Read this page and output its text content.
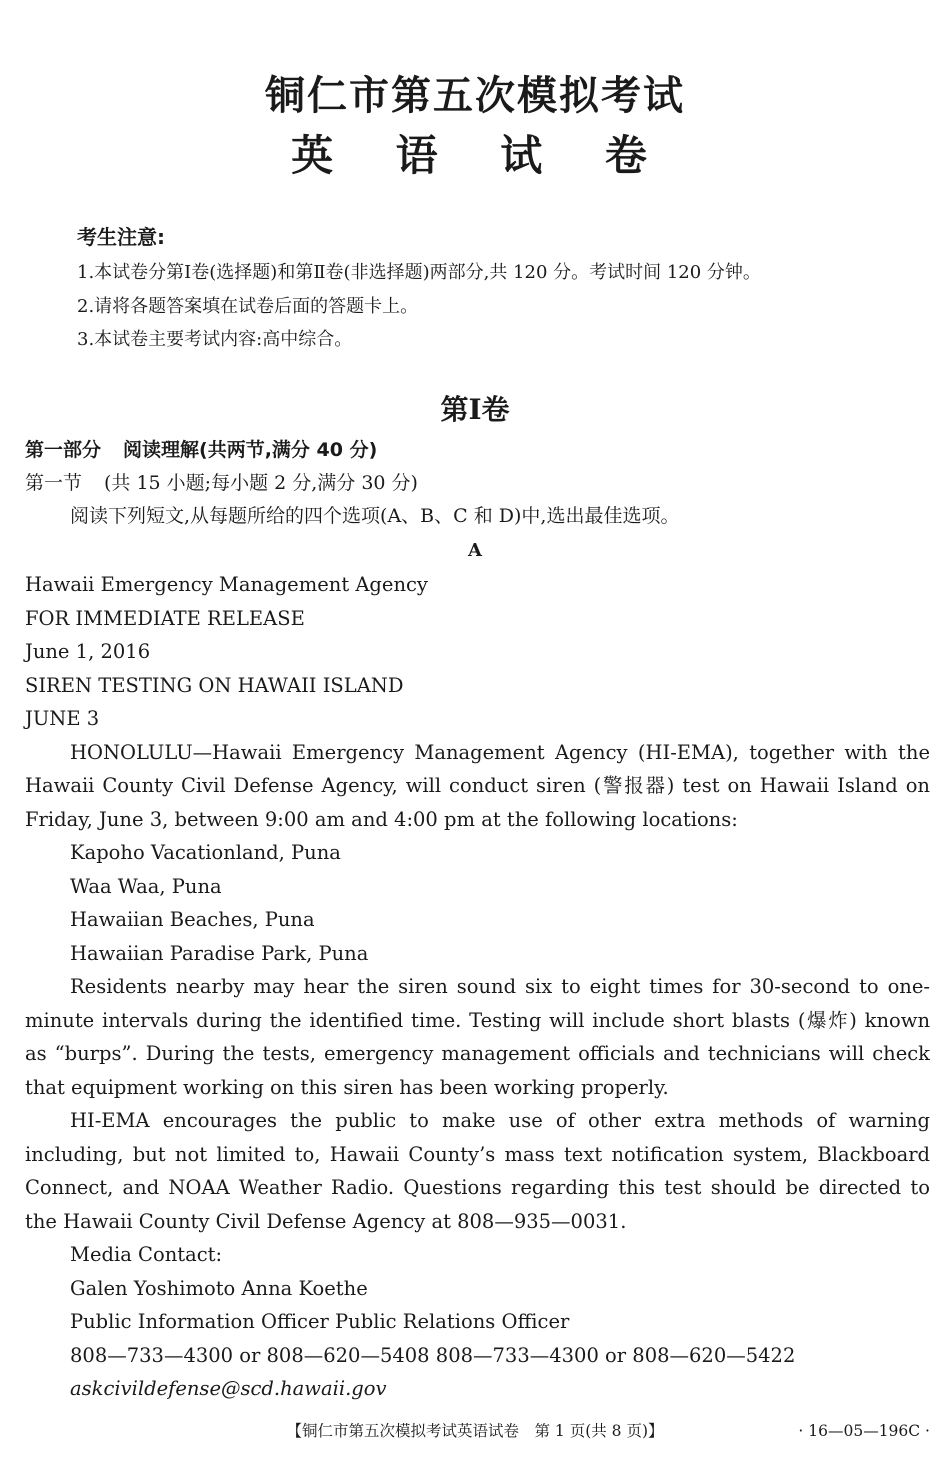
铜仁市第五次模拟考试
英 语 试 卷
考生注意:
1.本试卷分第Ⅰ卷(选择题)和第Ⅱ卷(非选择题)两部分,共 120 分。考试时间 120 分钟。
2.请将各题答案填在试卷后面的答题卡上。
3.本试卷主要考试内容:高中综合。
第Ⅰ卷
第一部分 阅读理解(共两节,满分 40 分)
第一节 (共 15 小题;每小题 2 分,满分 30 分)
阅读下列短文,从每题所给的四个选项(A、B、C 和 D)中,选出最佳选项。
A
Hawaii Emergency Management Agency
FOR IMMEDIATE RELEASE
June 1, 2016
SIREN TESTING ON HAWAII ISLAND
JUNE 3
HONOLULU—Hawaii Emergency Management Agency (HI-EMA), together with the Hawaii County Civil Defense Agency, will conduct siren (警报器) test on Hawaii Island on Friday, June 3, between 9:00 am and 4:00 pm at the following locations:
Kapoho Vacationland, Puna
Waa Waa, Puna
Hawaiian Beaches, Puna
Hawaiian Paradise Park, Puna
Residents nearby may hear the siren sound six to eight times for 30-second to one-minute intervals during the identified time. Testing will include short blasts (爆炸) known as “burps”. During the tests, emergency management officials and technicians will check that equipment working on this siren has been working properly.
HI-EMA encourages the public to make use of other extra methods of warning including, but not limited to, Hawaii County’s mass text notification system, Blackboard Connect, and NOAA Weather Radio. Questions regarding this test should be directed to the Hawaii County Civil Defense Agency at 808—935—0031.
Media Contact:
Galen Yoshimoto Anna Koethe
Public Information Officer Public Relations Officer
808—733—4300 or 808—620—5408 808—733—4300 or 808—620—5422
askcivildefense@scd.hawaii.gov
【铜仁市第五次模拟考试英语试卷　第 1 页(共 8 页)】	· 16—05—196C ·
